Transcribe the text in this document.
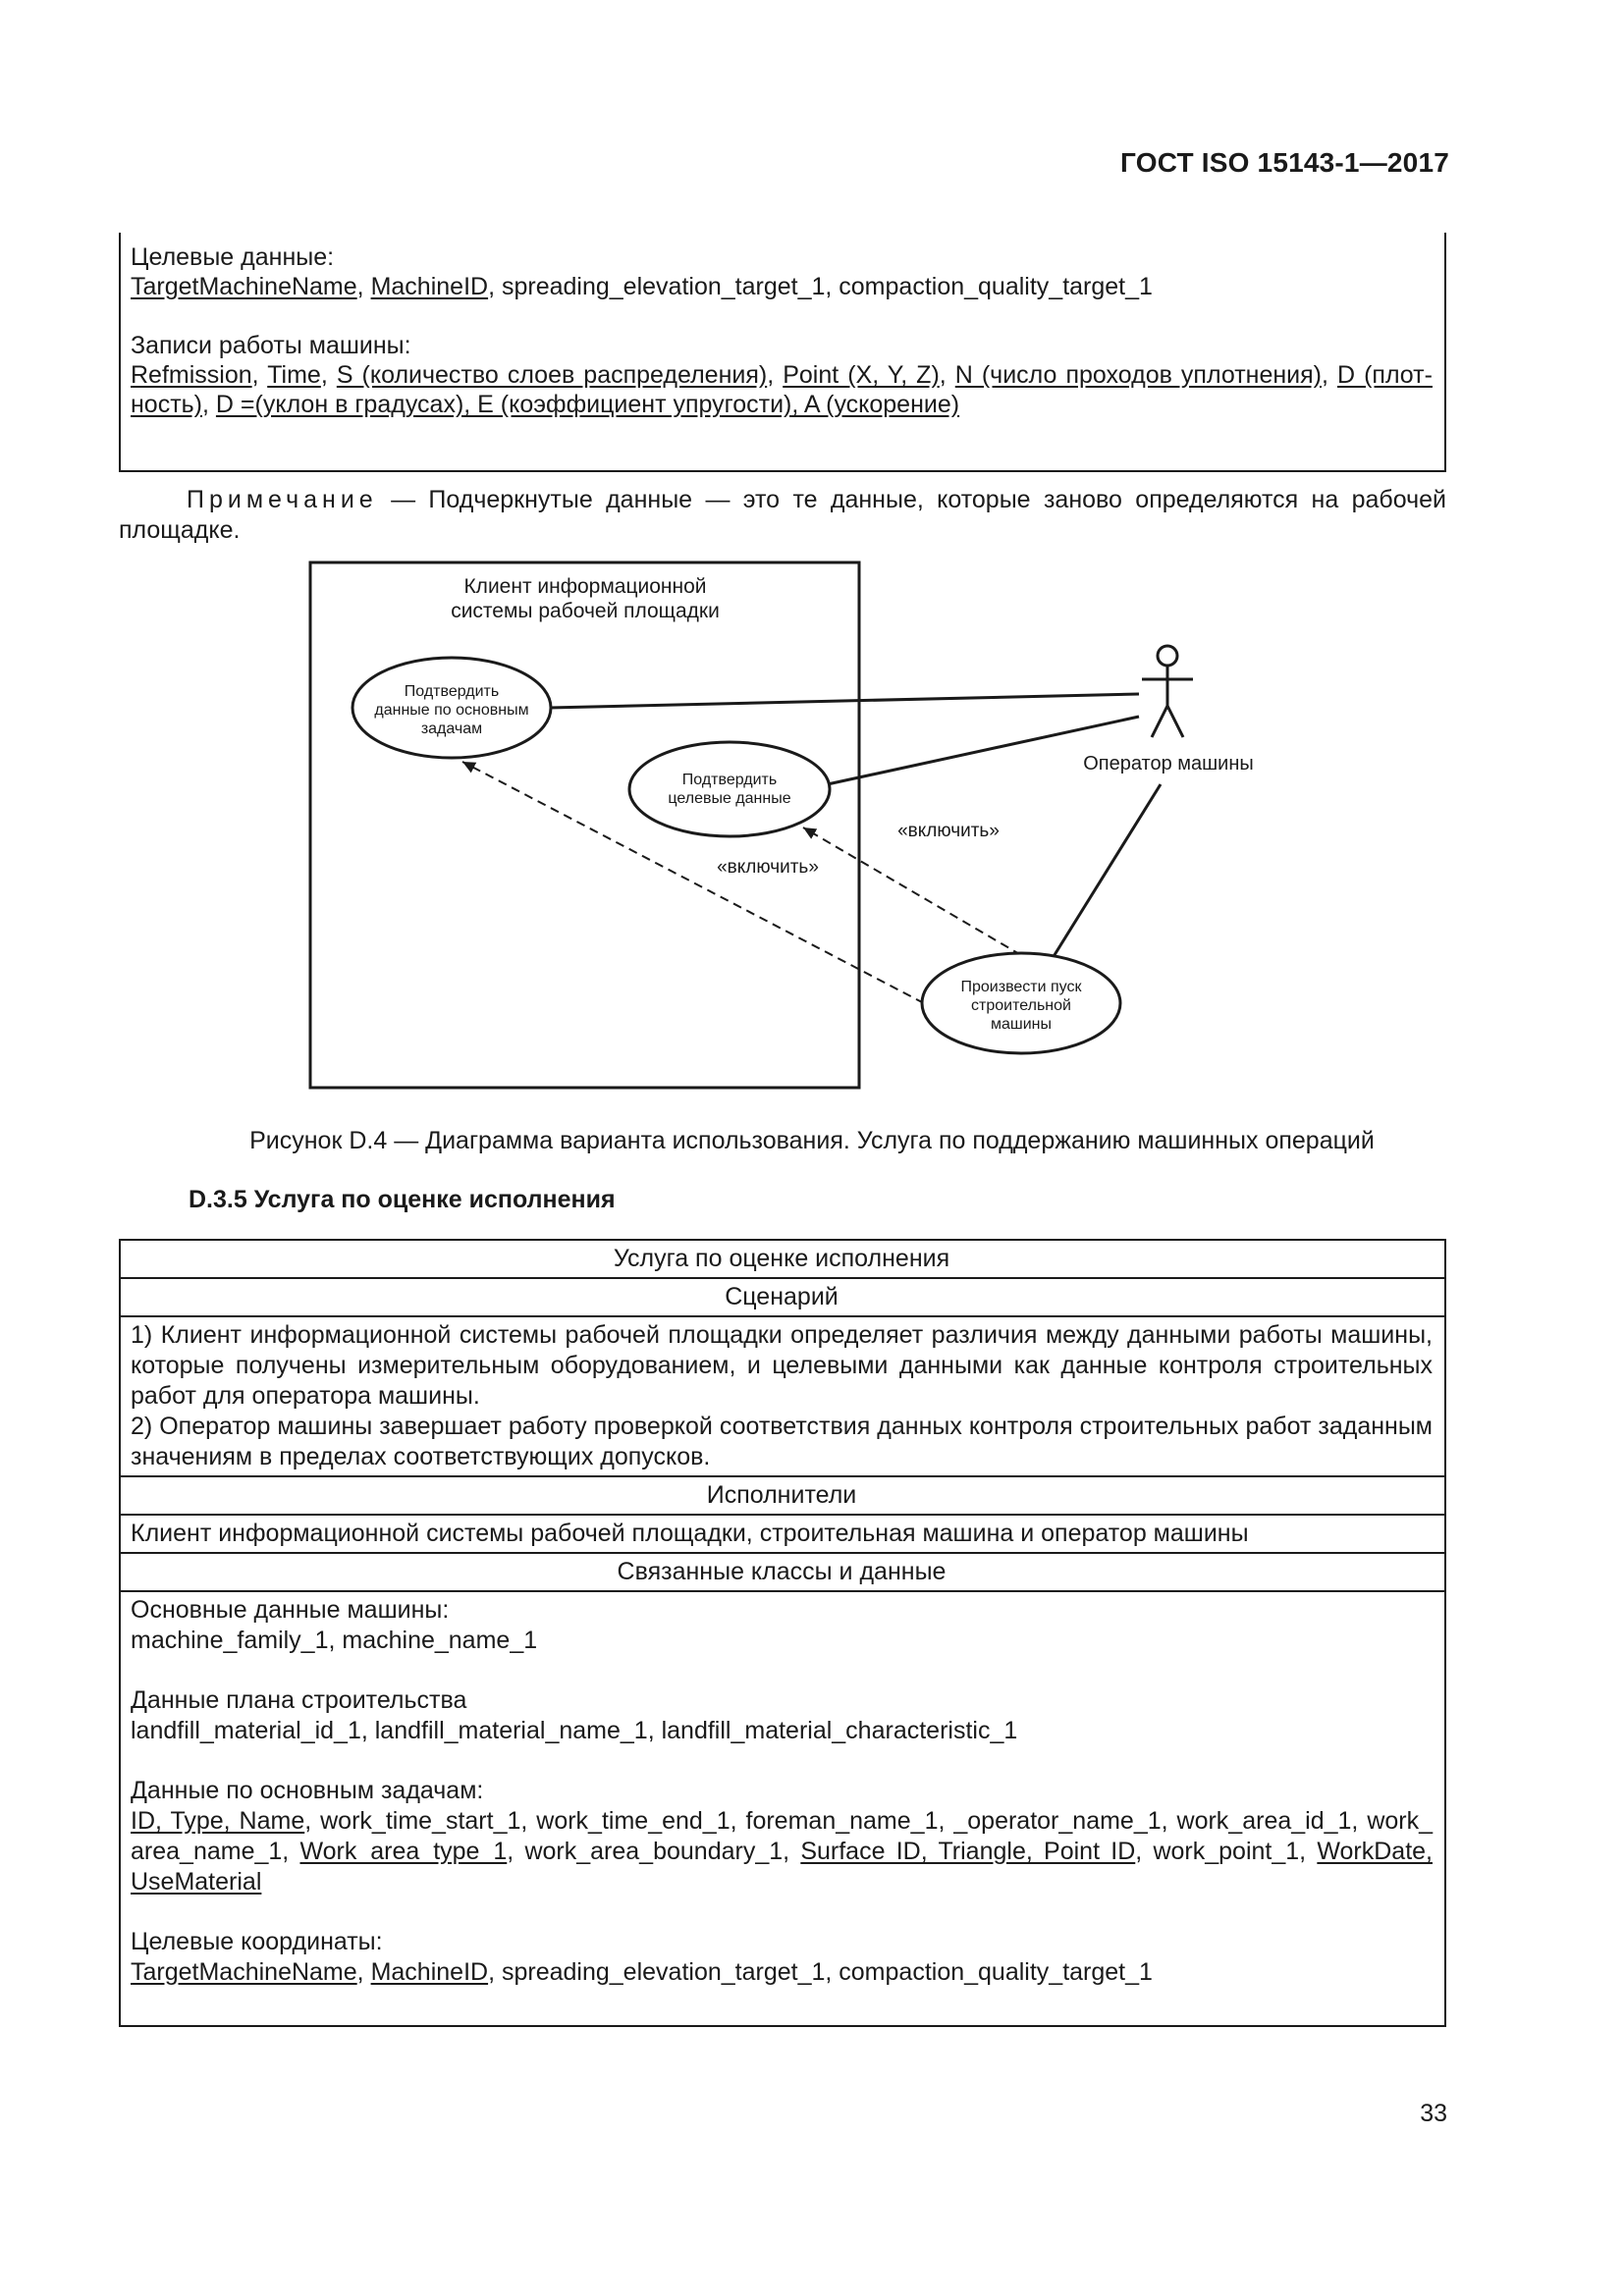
ГОСТ ISO 15143-1—2017

Целевые данные:

TargetMachineName, MachineID, spreading_elevation_target_1, compaction_quality_target_1

Записи работы машины:

Refmission, Time, S (количество слоев распределения), Point (X, Y, Z), N (число проходов уплотнения), D (плот-ность), D =(уклон в градусах), E (коэффициент упругости), A (ускорение)

Примечание — Подчеркнутые данные — это те данные, которые заново определяются на рабочей площадке.
Клиент информационной
системы рабочей площадки
«включить»
«включить»
Подтвердить
данные по основным
задачам
Подтвердить
целевые данные
Произвести пуск
строительной
машины
Оператор машины
Рисунок D.4 — Диаграмма варианта использования. Услуга по поддержанию машинных операций
D.3.5 Услуга по оценке исполнения
Услуга по оценке исполнения
Сценарий

1) Клиент информационной системы рабочей площадки определяет различия между данными работы машины, которые получены измерительным оборудованием, и целевыми данными как данные контроля строительных работ для оператора машины.

2) Оператор машины завершает работу проверкой соответствия данных контроля строительных работ заданным значениям в пределах соответствующих допусков.

Исполнители
Клиент информационной системы рабочей площадки, строительная машина и оператор машины
Связанные классы и данные

Основные данные машины:

machine_family_1, machine_name_1

Данные плана строительства

landfill_material_id_1, landfill_material_name_1, landfill_material_characteristic_1

Данные по основным задачам:

ID, Type, Name, work_time_start_1, work_time_end_1, foreman_name_1, _operator_name_1, work_area_id_1, work_ area_name_1, Work_area_type_1, work_area_boundary_1, Surface ID, Triangle, Point ID, work_point_1, WorkDate, UseMaterial

Целевые координаты:

TargetMachineName, MachineID, spreading_elevation_target_1, compaction_quality_target_1

33
